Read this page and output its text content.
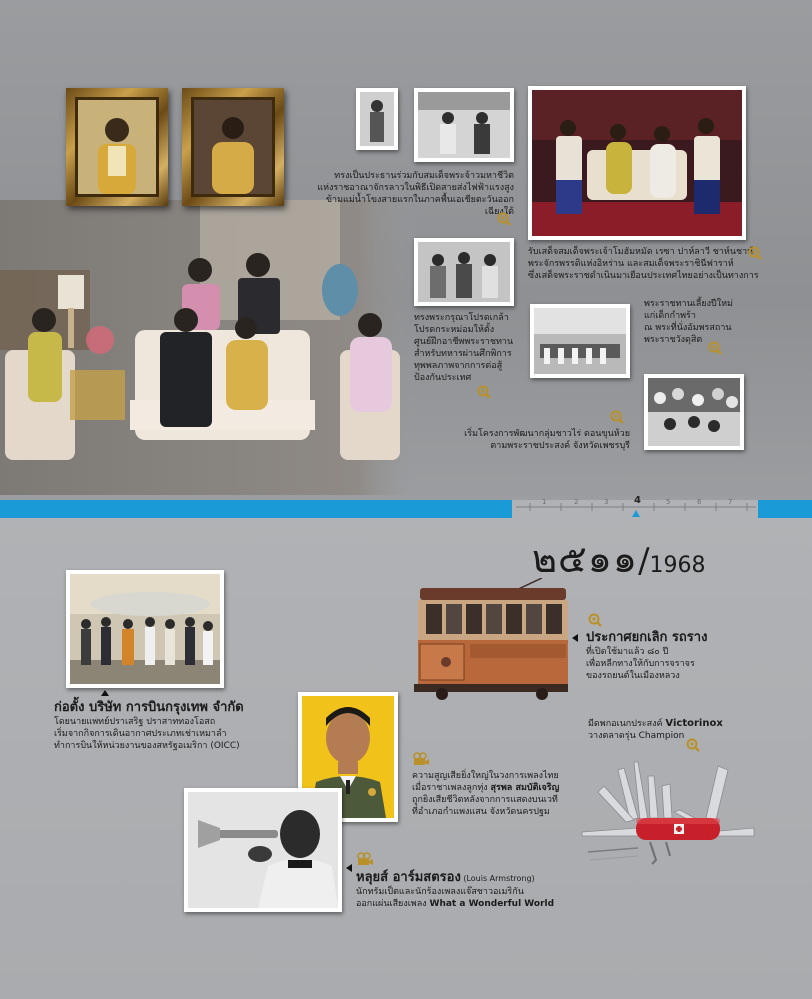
ทรงเป็นประธานร่วมกับสมเด็จพระจ้าวมหาชีวิต
แห่งราชอาณาจักรลาวในพิธีเปิดสายส่งไฟฟ้าแรงสูง
ข้ามแม่น้ำโขงสายแรกในภาคพื้นเอเชียตะวันออกเฉียงใต้
รับเสด็จสมเด็จพระเจ้าโมฮัมหมัด เรซา ปาห์ลาวี ชาห์นชาห์
พระจักรพรรดิแห่งอิหร่าน และสมเด็จพระราชินีฟาราห์
ซึ่งเสด็จพระราชดำเนินมาเยือนประเทศไทยอย่างเป็นทางการ
ทรงพระกรุณาโปรดเกล้า
โปรดกระหม่อมให้ตั้ง
ศูนย์ฝึกอาชีพพระราชทาน
สำหรับทหารผ่านศึกพิการ
ทุพพลภาพจากการต่อสู้
ป้องกันประเทศ
พระราชทานเลี้ยงปีใหม่
แก่เด็กกำพร้า
ณ พระที่นั่งอัมพรสถาน
พระราชวังดุสิต
เริ่มโครงการพัฒนากลุ่มชาวไร่ ดอนขุนห้วย
ตามพระราชประสงค์ จังหวัดเพชรบุรี
1	2	3	4	5	6	7
๒๕๑๑/1968
ก่อตั้ง บริษัท การบินกรุงเทพ จำกัด
โดยนายแพทย์ปราเสริฐ ปราสาททองโอสถ
เริ่มจากกิจการเดินอากาศประเภทเช่าเหมาลำ
ทำการบินให้หน่วยงานของสหรัฐอเมริกา (OICC)
ประกาศยกเลิก รถราง
ที่เปิดใช้มาแล้ว ๘๐ ปี
เพื่อหลีกทางให้กับการจราจร
ของรถยนต์ในเมืองหลวง
มีดพกอเนกประสงค์ Victorinox
วางตลาดรุ่น Champion
ความสูญเสียยิ่งใหญ่ในวงการเพลงไทย
เมื่อราชาเพลงลูกทุ่ง สุรพล สมบัติเจริญ
ถูกยิงเสียชีวิตหลังจากการแสดงบนเวที
ที่อำเภอกำแพงแสน จังหวัดนครปฐม
หลุยส์ อาร์มสตรอง (Louis Armstrong)
นักทรัมเป็ตและนักร้องเพลงแจ๊สชาวอเมริกัน
ออกแผ่นเสียงเพลง What a Wonderful World
